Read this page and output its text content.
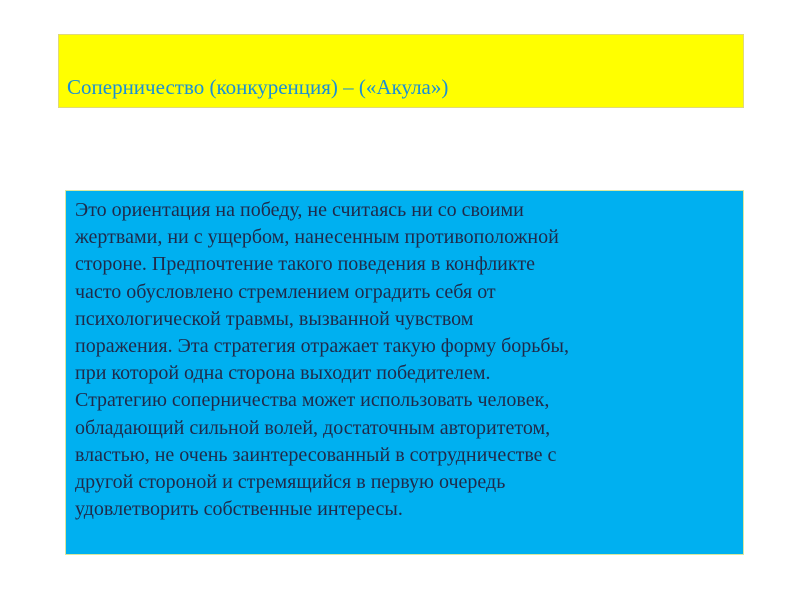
Соперничество (конкуренция) – («Акула»)

Это ориентация на победу, не считаясь ни со своими
жертвами, ни с ущербом, нанесенным противоположной
стороне. Предпочтение такого поведения в конфликте
часто обусловлено стремлением оградить себя от
психологической травмы, вызванной чувством
поражения. Эта стратегия отражает такую форму борьбы,
при которой одна сторона выходит победителем.
Стратегию соперничества может использовать человек,
обладающий сильной волей, достаточным авторитетом,
властью, не очень заинтересованный в сотрудничестве с
другой стороной и стремящийся в первую очередь
удовлетворить собственные интересы.
